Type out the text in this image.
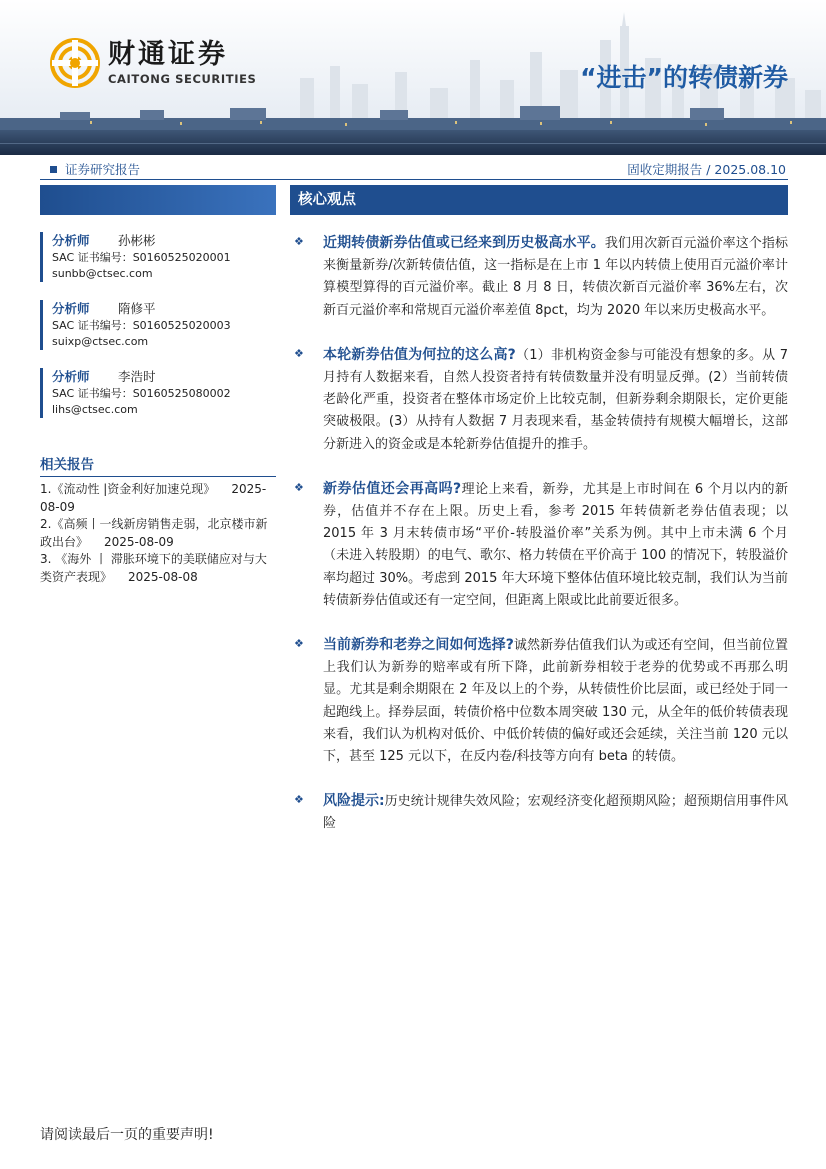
财通证券
CAITONG SECURITIES	“进击”的转债新券
证券研究报告	固收定期报告 / 2025.08.10
分析师 孙彬彬
SAC 证书编号：S0160525020001
sunbb@ctsec.com
分析师 隋修平
SAC 证书编号：S0160525020003
suixp@ctsec.com
分析师 李浩时
SAC 证书编号：S0160525080002
lihs@ctsec.com
相关报告
1.《流动性 |资金利好加速兑现》 2025-08-09
2.《高频丨一线新房销售走弱，北京楼市新政出台》 2025-08-09
3. 《海外 丨 滞胀环境下的美联储应对与大类资产表现》 2025-08-08
核心观点
❖ 近期转债新券估值或已经来到历史极高水平。我们用次新百元溢价率这个指标来衡量新券/次新转债估值，这一指标是在上市 1 年以内转债上使用百元溢价率计算模型算得的百元溢价率。截止 8 月 8 日，转债次新百元溢价率 36%左右，次新百元溢价率和常规百元溢价率差值 8pct，均为 2020 年以来历史极高水平。
❖ 本轮新券估值为何拉的这么高?（1）非机构资金参与可能没有想象的多。从 7 月持有人数据来看，自然人投资者持有转债数量并没有明显反弹。(2）当前转债老龄化严重，投资者在整体市场定价上比较克制，但新券剩余期限长，定价更能突破极限。(3）从持有人数据 7 月表现来看，基金转债持有规模大幅增长，这部分新进入的资金或是本轮新券估值提升的推手。
❖ 新券估值还会再高吗?理论上来看，新券，尤其是上市时间在 6 个月以内的新券，估值并不存在上限。历史上看，参考 2015 年转债新老券估值表现；以 2015 年 3 月末转债市场“平价-转股溢价率”关系为例。其中上市未满 6 个月（未进入转股期）的电气、歌尔、格力转债在平价高于 100 的情况下，转股溢价率均超过 30%。考虑到 2015 年大环境下整体估值环境比较克制，我们认为当前转债新券估值或还有一定空间，但距离上限或比此前要近很多。
❖ 当前新券和老券之间如何选择?诚然新券估值我们认为或还有空间，但当前位置上我们认为新券的赔率或有所下降，此前新券相较于老券的优势或不再那么明显。尤其是剩余期限在 2 年及以上的个券，从转债性价比层面，或已经处于同一起跑线上。择券层面，转债价格中位数本周突破 130 元，从全年的低价转债表现来看，我们认为机构对低价、中低价转债的偏好或还会延续，关注当前 120 元以下，甚至 125 元以下，在反内卷/科技等方向有 beta 的转债。
❖ 风险提示:历史统计规律失效风险；宏观经济变化超预期风险；超预期信用事件风险
请阅读最后一页的重要声明!
